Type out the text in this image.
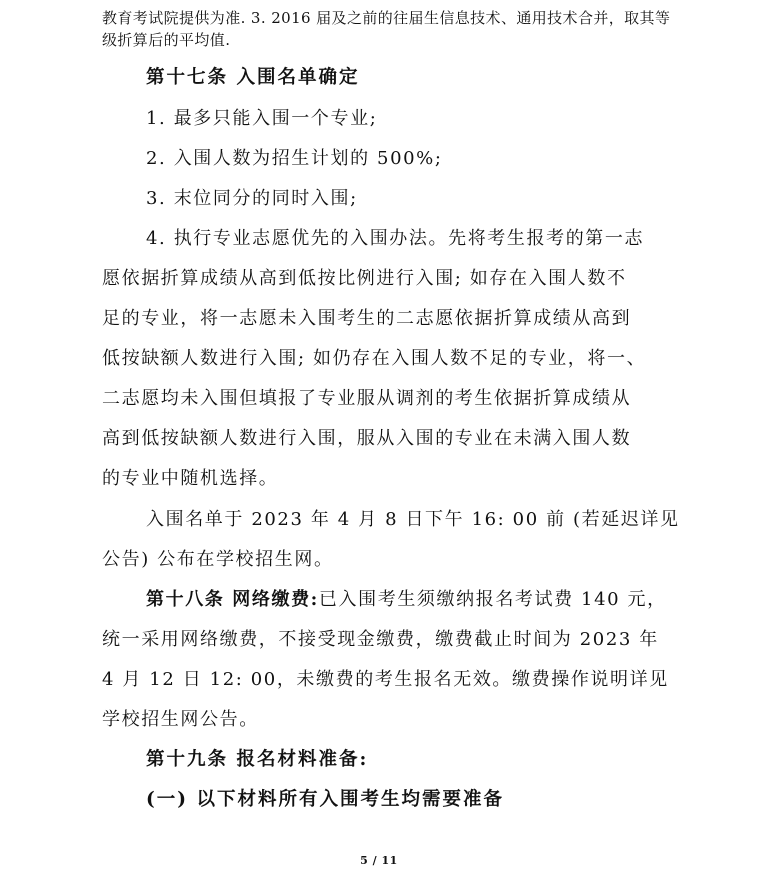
教育考试院提供为准. 3. 2016 届及之前的往届生信息技术、通用技术合并，取其等
级折算后的平均值.
第十七条 入围名单确定
1. 最多只能入围一个专业;
2. 入围人数为招生计划的 500%;
3. 末位同分的同时入围;
4. 执行专业志愿优先的入围办法。先将考生报考的第一志
愿依据折算成绩从高到低按比例进行入围; 如存在入围人数不
足的专业，将一志愿未入围考生的二志愿依据折算成绩从高到
低按缺额人数进行入围; 如仍存在入围人数不足的专业，将一、
二志愿均未入围但填报了专业服从调剂的考生依据折算成绩从
高到低按缺额人数进行入围，服从入围的专业在未满入围人数
的专业中随机选择。
入围名单于 2023 年 4 月 8 日下午 16: 00 前 (若延迟详见
公告) 公布在学校招生网。
第十八条 网络缴费:已入围考生须缴纳报名考试费 140 元，
统一采用网络缴费，不接受现金缴费，缴费截止时间为 2023 年
4 月 12 日 12: 00，未缴费的考生报名无效。缴费操作说明详见
学校招生网公告。
第十九条 报名材料准备:
(一) 以下材料所有入围考生均需要准备
5 / 11
